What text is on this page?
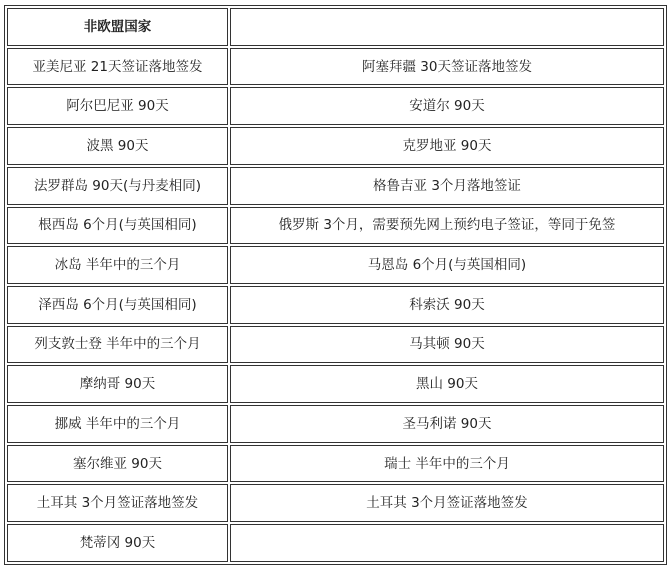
非欧盟国家	
亚美尼亚 21天签证落地签发	阿塞拜疆 30天签证落地签发
阿尔巴尼亚 90天	安道尔 90天
波黑 90天	克罗地亚 90天
法罗群岛 90天(与丹麦相同)	格鲁吉亚 3个月落地签证
根西岛 6个月(与英国相同)	俄罗斯 3个月，需要预先网上预约电子签证，等同于免签
冰岛 半年中的三个月	马恩岛 6个月(与英国相同)
泽西岛 6个月(与英国相同)	科索沃 90天
列支敦士登 半年中的三个月	马其顿 90天
摩纳哥 90天	黑山 90天
挪威 半年中的三个月	圣马利诺 90天
塞尔维亚 90天	瑞士 半年中的三个月
土耳其 3个月签证落地签发	土耳其 3个月签证落地签发
梵蒂冈 90天	
